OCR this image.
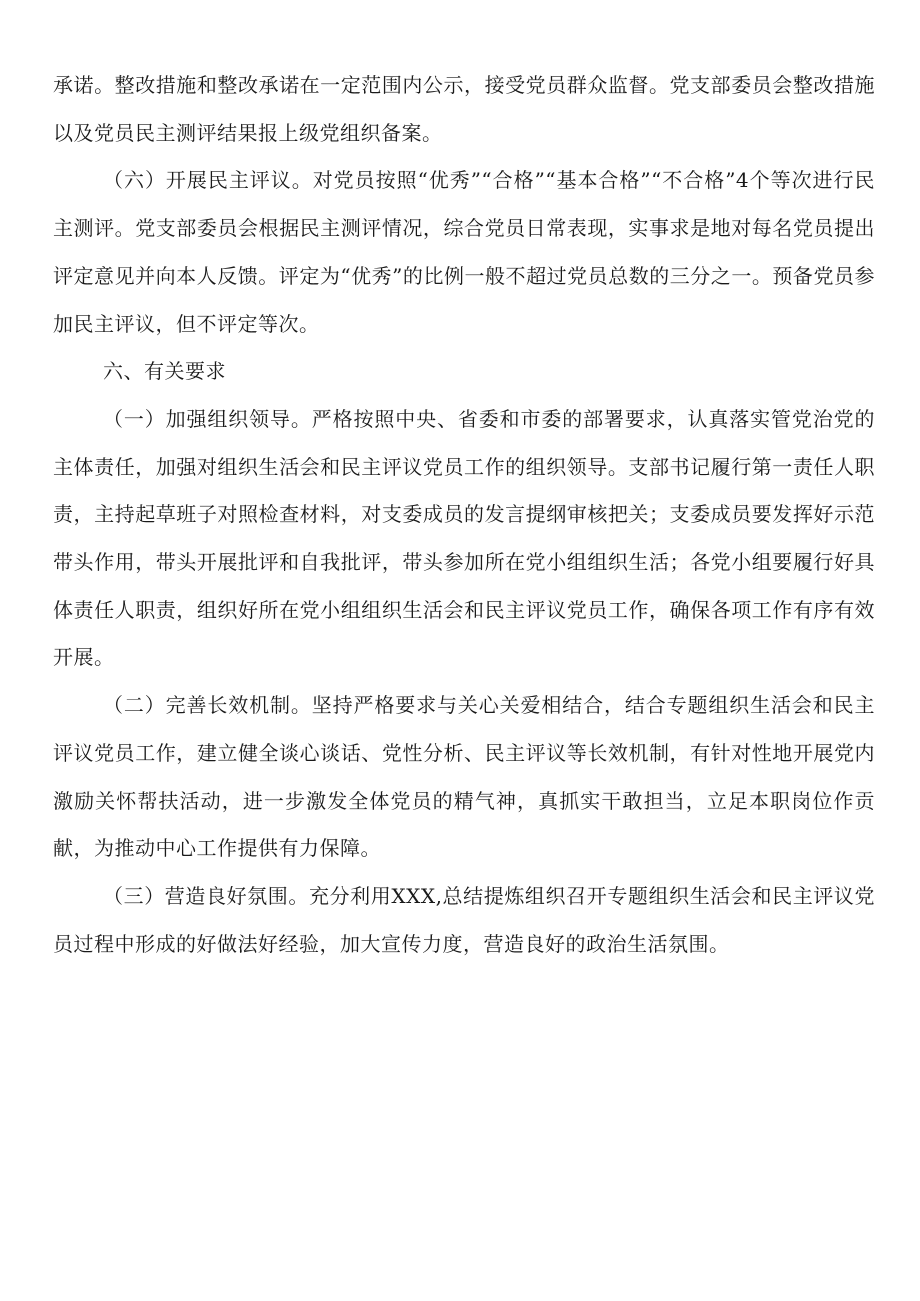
承诺。整改措施和整改承诺在一定范围内公示，接受党员群众监督。党支部委员会整改措施以及党员民主测评结果报上级党组织备案。

（六）开展民主评议。对党员按照“优秀”“合格”“基本合格”“不合格”4个等次进行民主测评。党支部委员会根据民主测评情况，综合党员日常表现，实事求是地对每名党员提出评定意见并向本人反馈。评定为“优秀”的比例一般不超过党员总数的三分之一。预备党员参加民主评议，但不评定等次。

六、有关要求

（一）加强组织领导。严格按照中央、省委和市委的部署要求，认真落实管党治党的主体责任，加强对组织生活会和民主评议党员工作的组织领导。支部书记履行第一责任人职责，主持起草班子对照检查材料，对支委成员的发言提纲审核把关；支委成员要发挥好示范带头作用，带头开展批评和自我批评，带头参加所在党小组组织生活；各党小组要履行好具体责任人职责，组织好所在党小组组织生活会和民主评议党员工作，确保各项工作有序有效开展。

（二）完善长效机制。坚持严格要求与关心关爱相结合，结合专题组织生活会和民主评议党员工作，建立健全谈心谈话、党性分析、民主评议等长效机制，有针对性地开展党内激励关怀帮扶活动，进一步激发全体党员的精气神，真抓实干敢担当，立足本职岗位作贡献，为推动中心工作提供有力保障。

（三）营造良好氛围。充分利用XXX,总结提炼组织召开专题组织生活会和民主评议党员过程中形成的好做法好经验，加大宣传力度，营造良好的政治生活氛围。
